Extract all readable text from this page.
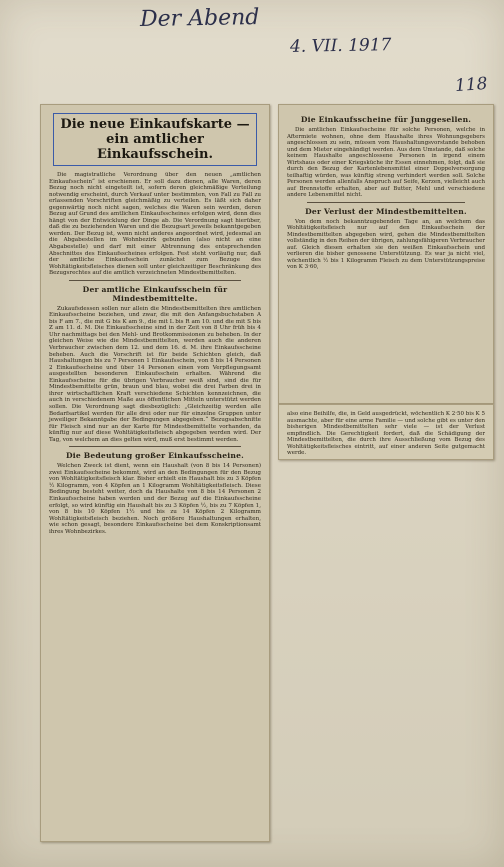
Der Abend
4. VII. 1917
118
Die neue Einkaufskarte — ein amtlicher Einkaufsschein.

Die magistratliche Verordnung über den neuen „amtlichen Einkaufsschein“ ist erschienen. Er soll dazu dienen, alle Waren, deren Bezug noch nicht eingeteilt ist, sofern deren gleichmäßige Verteilung notwendig erscheint, durch Verkauf unter bestimmten, von Fall zu Fall zu erlassenden Vorschriften gleichmäßig zu verteilen. Es läßt sich daher gegenwärtig noch nicht sagen, welches die Waren sein werden, deren Bezug auf Grund des amtlichen Einkaufsscheines erfolgen wird, denn dies hängt von der Entwicklung der Dinge ab. Die Verordnung sagt hierüber, daß die zu beziehenden Waren und die Bezugsart jeweils bekanntgegeben werden. Der Bezug ist, wenn nicht anderes angeordnet wird, jedesmal an die Abgabestellen im Wohnbezirk gebunden (also nicht an eine Abgabestelle) und darf mit einer Abtrennung des entsprechenden Abschnittes des Einkaufsscheines erfolgen. Fest steht vorläufig nur, daß der amtliche Einkaufsschein zunächst zum Bezuge des Wohltätigkeitsfleisches dienen soll unter gleichzeitiger Beschränkung des Bezugsrechtes auf die amtlich verzeichneten Mindestbemittelten.

Der amtliche Einkaufsschein für Mindestbemittelte.

Zukaufsdessen sollen nur allein die Mindestbemittelten ihre amtlichen Einkaufsscheine beziehen, und zwar, die mit den Anfangsbuchstaben A bis F am 7., die mit G bis K am 9., die mit L bis R am 10. und die mit S bis Z am 11. d. M. Die Einkaufsscheine sind in der Zeit von 8 Uhr früh bis 4 Uhr nachmittags bei den Mehl- und Brotkommissionen zu beheben. In der gleichen Weise wie die Mindestbemittelten, werden auch die anderen Verbraucher zwischen dem 12. und dem 16. d. M. ihre Einkaufsscheine beheben. Auch die Vorschrift ist für beide Schichten gleich, daß Haushaltungen bis zu 7 Personen 1 Einkaufsschein, von 8 bis 14 Personen 2 Einkaufsscheine und über 14 Personen einen vom Verpflegungsamt ausgestellten besonderen Einkaufsschein erhalten. Während die Einkaufsscheine für die übrigen Verbraucher weiß sind, sind die für Mindestbemittelte grün, braun und blau, wobei die drei Farben drei in ihrer wirtschaftlichen Kraft verschiedene Schichten kennzeichnen, die auch in verschiedenem Maße aus öffentlichen Mitteln unterstützt werden sollen. Die Verordnung sagt diesbezüglich: „Gleichzeitig werden alle Bedarfsartikel werden für alle drei oder nur für einzelne Gruppen unter jeweiliger Bekanntgabe der Bedingungen abgegeben.“ Bezugsabschnitte für Fleisch sind nur an der Karte für Mindestbemittelte vorhanden, da künftig nur auf diese Wohltätigkeitsfleisch abgegeben werden wird. Der Tag, von welchem an dies gelten wird, muß erst bestimmt werden.

Die Bedeutung großer Einkaufsscheine.

Welchen Zweck ist dient, wenn ein Haushalt (von 8 bis 14 Personen) zwei Einkaufsscheine bekommt, wird an den Bedingungen für den Bezug von Wohltätigkeitsfleisch klar. Bisher erhielt ein Haushalt bis zu 3 Köpfen ½ Kilogramm, von 4 Köpfen an 1 Kilogramm Wohltätigkeitsfleisch. Diese Bedingung besteht weiter, doch da Haushalte von 8 bis 14 Personen 2 Einkaufsscheine haben werden und der Bezug auf die Einkaufsscheine erfolgt, so wird künftig ein Haushalt bis zu 3 Köpfen ½, bis zu 7 Köpfen 1, von 8 bis 10 Köpfen 1½ und bis zu 14 Köpfen 2 Kilogramm Wohltätigkeitsfleisch beziehen. Noch größere Haushaltungen erhalten, wie schon gesagt, besondere Einkaufsscheine bei dem Konskriptionsamt ihres Wohnbezirkes.

Die Einkaufsscheine für Junggesellen.

Die amtlichen Einkaufsscheine für solche Personen, welche in Aftermiete wohnen, ohne dem Haushalte ihres Wohnungsgebers angeschlossen zu sein, müssen vom Haushaltungsvorstande behoben und dem Mieter eingehändigt werden. Aus dem Umstande, daß solche keinem Haushalte angeschlossene Personen in irgend einem Wirtshaus oder einer Kriegsküche ihr Essen einnehmen, folgt, daß sie durch den Bezug der Kartenlebensmittel einer Doppelversorgung teilhaftig würden, was künftig streng verhindert werden soll. Solche Personen werden allenfalls Anspruch auf Seife, Kerzen, vielleicht auch auf Brennstoffe erhalten, aber auf Butter, Mehl und verschiedene andere Lebensmittel nicht.

Der Verlust der Mindestbemittelten.

Von dem noch bekanntzugebenden Tage an, an welchem das Wohltätigkeitsfleisch nur auf den Einkaufsschein der Mindestbemittelten abgegeben wird, gehen die Mindestbemittelten vollständig in den Reihen der übrigen, zahlungsfähigeren Verbraucher auf. Gleich diesen erhalten sie den weißen Einkaufsschein und verlieren die bisher genossene Unterstützung. Es war ja nicht viel, wöchentlich ½ bis 1 Kilogramm Fleisch zu dem Unterstützungspreise von K 3·60,

also eine Beihilfe, die, in Geld ausgedrückt, wöchentlich K 2·50 bis K 5 ausmachte, aber für eine arme Familie — und solche gibt es unter den bisherigen Mindestbemittelten sehr viele — ist der Verlust empfindlich. Die Gerechtigkeit fordert, daß die Schädigung der Mindestbemittelten, die durch ihre Ausschließung vom Bezug des Wohltätigkeitsfleisches eintritt, auf einer anderen Seite gutgemacht werde.
